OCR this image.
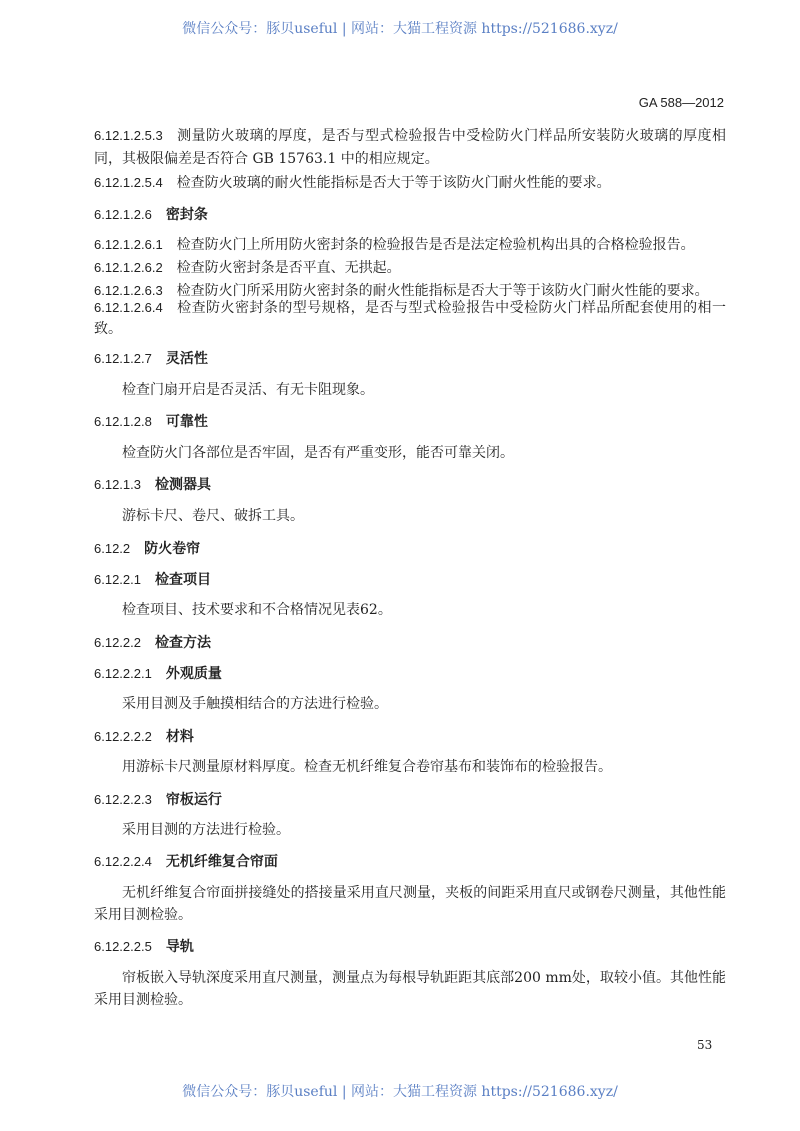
微信公众号：豚贝useful | 网站：大猫工程资源 https://521686.xyz/
GA 588—2012
6.12.1.2.5.3 测量防火玻璃的厚度，是否与型式检验报告中受检防火门样品所安装防火玻璃的厚度相同，其极限偏差是否符合 GB 15763.1 中的相应规定。
6.12.1.2.5.4 检查防火玻璃的耐火性能指标是否大于等于该防火门耐火性能的要求。
6.12.1.2.6 密封条
6.12.1.2.6.1 检查防火门上所用防火密封条的检验报告是否是法定检验机构出具的合格检验报告。
6.12.1.2.6.2 检查防火密封条是否平直、无拱起。
6.12.1.2.6.3 检查防火门所采用防火密封条的耐火性能指标是否大于等于该防火门耐火性能的要求。
6.12.1.2.6.4 检查防火密封条的型号规格，是否与型式检验报告中受检防火门样品所配套使用的相一致。
6.12.1.2.7 灵活性
检查门扇开启是否灵活、有无卡阻现象。
6.12.1.2.8 可靠性
检查防火门各部位是否牢固，是否有严重变形，能否可靠关闭。
6.12.1.3 检测器具
游标卡尺、卷尺、破拆工具。
6.12.2 防火卷帘
6.12.2.1 检查项目
检查项目、技术要求和不合格情况见表62。
6.12.2.2 检查方法
6.12.2.2.1 外观质量
采用目测及手触摸相结合的方法进行检验。
6.12.2.2.2 材料
用游标卡尺测量原材料厚度。检查无机纤维复合卷帘基布和装饰布的检验报告。
6.12.2.2.3 帘板运行
采用目测的方法进行检验。
6.12.2.2.4 无机纤维复合帘面
无机纤维复合帘面拼接缝处的搭接量采用直尺测量，夹板的间距采用直尺或钢卷尺测量，其他性能采用目测检验。
6.12.2.2.5 导轨
帘板嵌入导轨深度采用直尺测量，测量点为每根导轨距距其底部200 mm处，取较小值。其他性能采用目测检验。
53
微信公众号：豚贝useful | 网站：大猫工程资源 https://521686.xyz/
